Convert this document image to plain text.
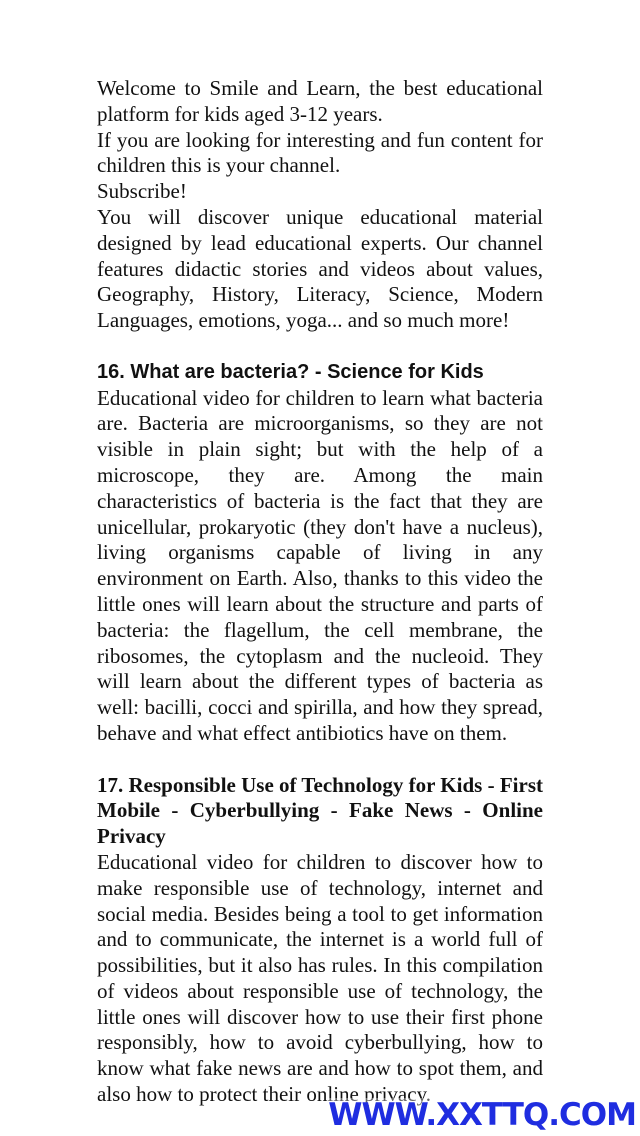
Welcome to Smile and Learn, the best educational platform for kids aged 3-12 years.

If you are looking for interesting and fun content for children this is your channel.

Subscribe!

You will discover unique educational material designed by lead educational experts. Our channel features didactic stories and videos about values, Geography, History, Literacy, Science, Modern Languages, emotions, yoga... and so much more!

16. What are bacteria? - Science for Kids

Educational video for children to learn what bacteria are. Bacteria are microorganisms, so they are not visible in plain sight; but with the help of a microscope, they are. Among the main characteristics of bacteria is the fact that they are unicellular, prokaryotic (they don't have a nucleus), living organisms capable of living in any environment on Earth. Also, thanks to this video the little ones will learn about the structure and parts of bacteria: the flagellum, the cell membrane, the ribosomes, the cytoplasm and the nucleoid. They will learn about the different types of bacteria as well: bacilli, cocci and spirilla, and how they spread, behave and what effect antibiotics have on them.

17. Responsible Use of Technology for Kids - First Mobile - Cyberbullying - Fake News - Online Privacy

Educational video for children to discover how to make responsible use of technology, internet and social media. Besides being a tool to get information and to communicate, the internet is a world full of possibilities, but it also has rules. In this compilation of videos about responsible use of technology, the little ones will discover how to use their first phone responsibly, how to avoid cyberbullying, how to know what fake news are and how to spot them, and also how to protect their online privacy.

WWW.XXTTQ.COM
